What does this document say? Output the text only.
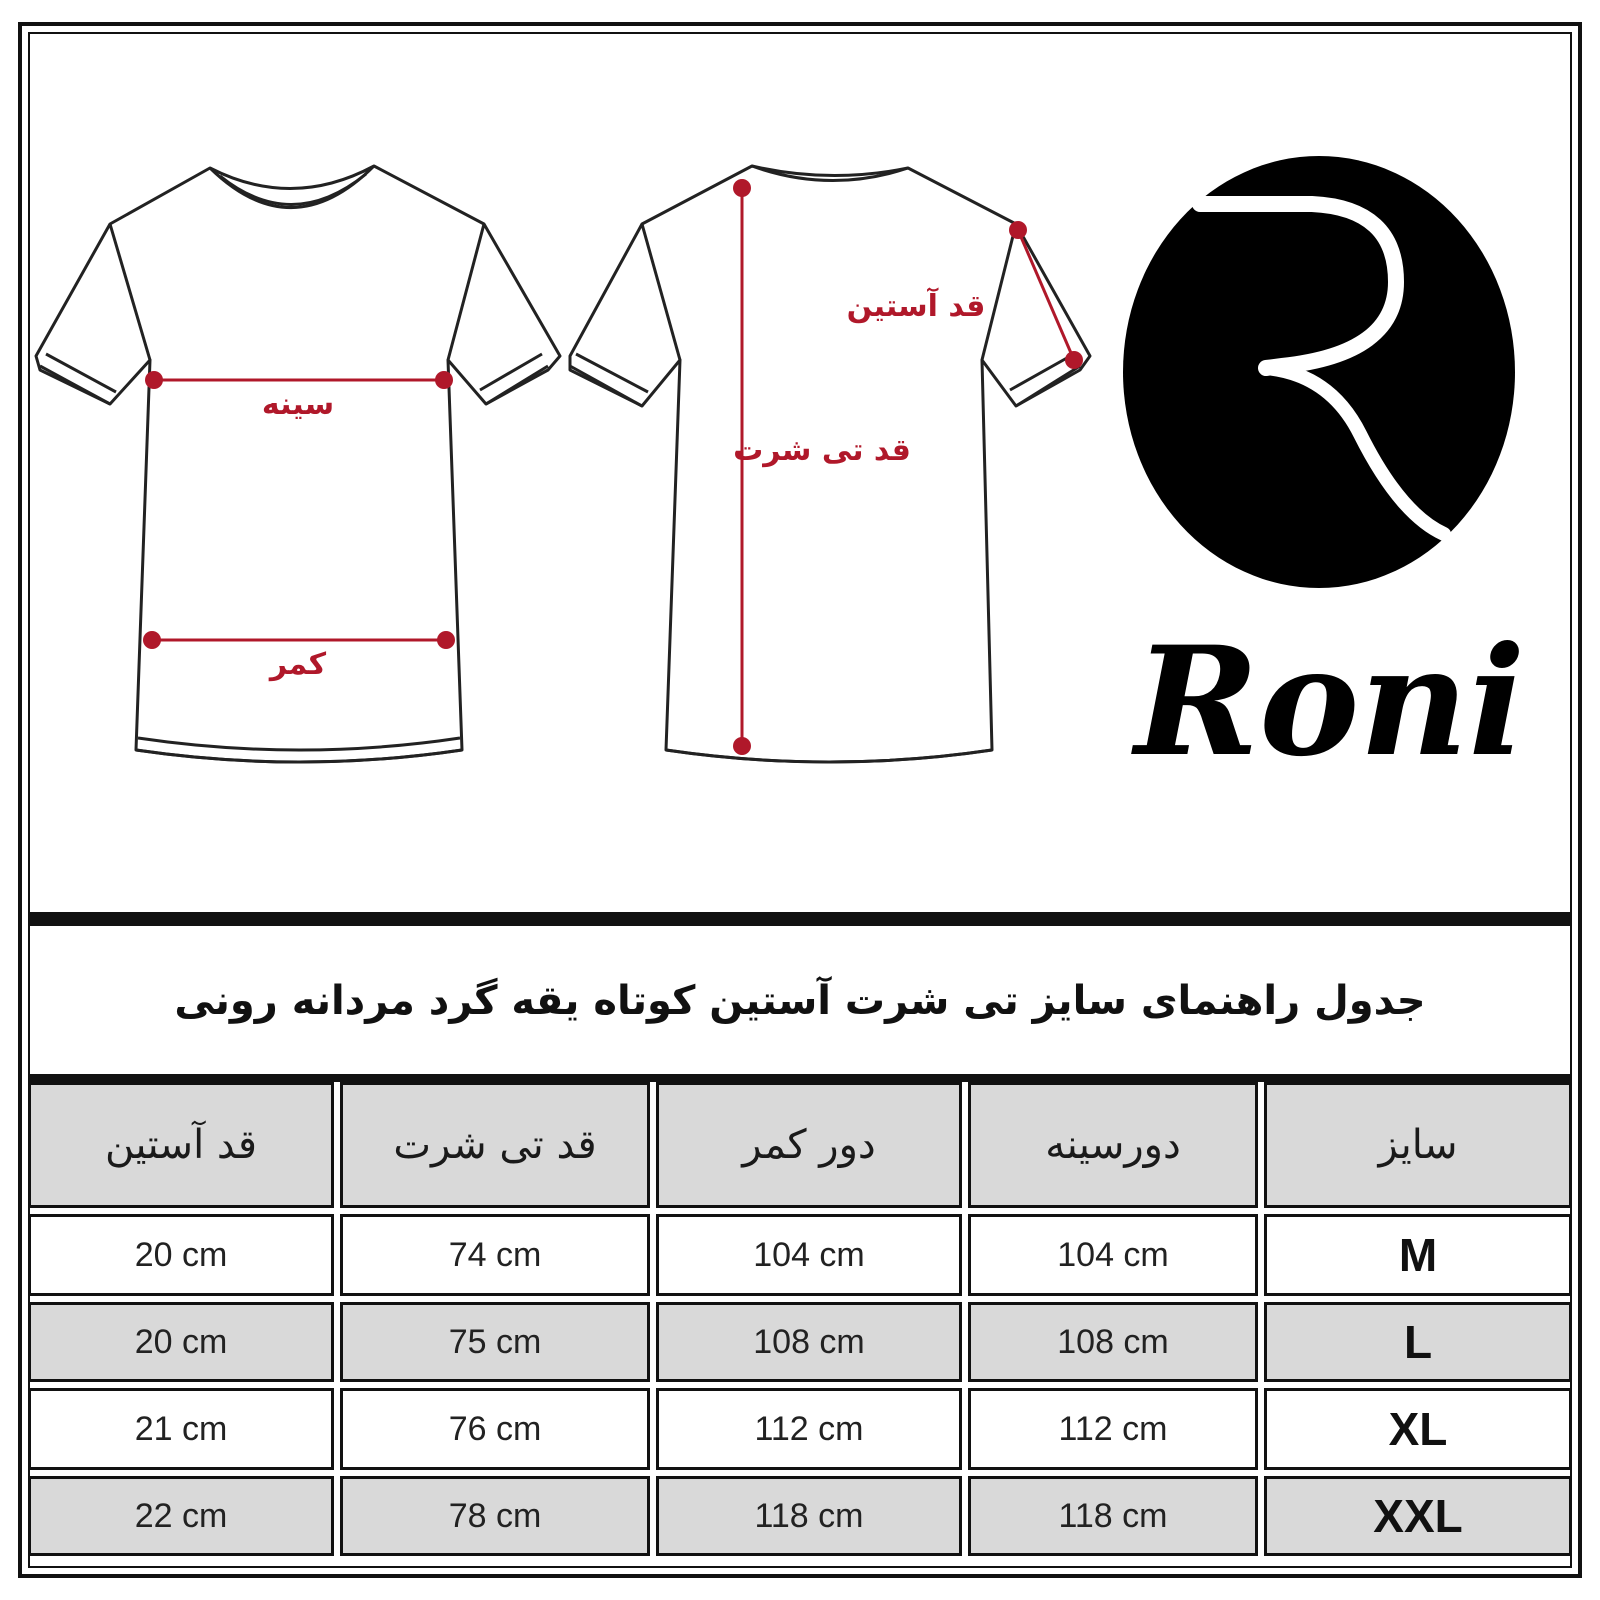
سینه
کمر
قد آستین
قد تی شرت
Roni
جدول راهنمای سایز تی شرت آستین کوتاه یقه گرد مردانه رونی
قد آستین	قد تی شرت	دور کمر	دورسینه	سایز
20 cm	74 cm	104 cm	104 cm	M
20 cm	75 cm	108 cm	108 cm	L
21 cm	76 cm	112 cm	112 cm	XL
22 cm	78 cm	118 cm	118 cm	XXL
